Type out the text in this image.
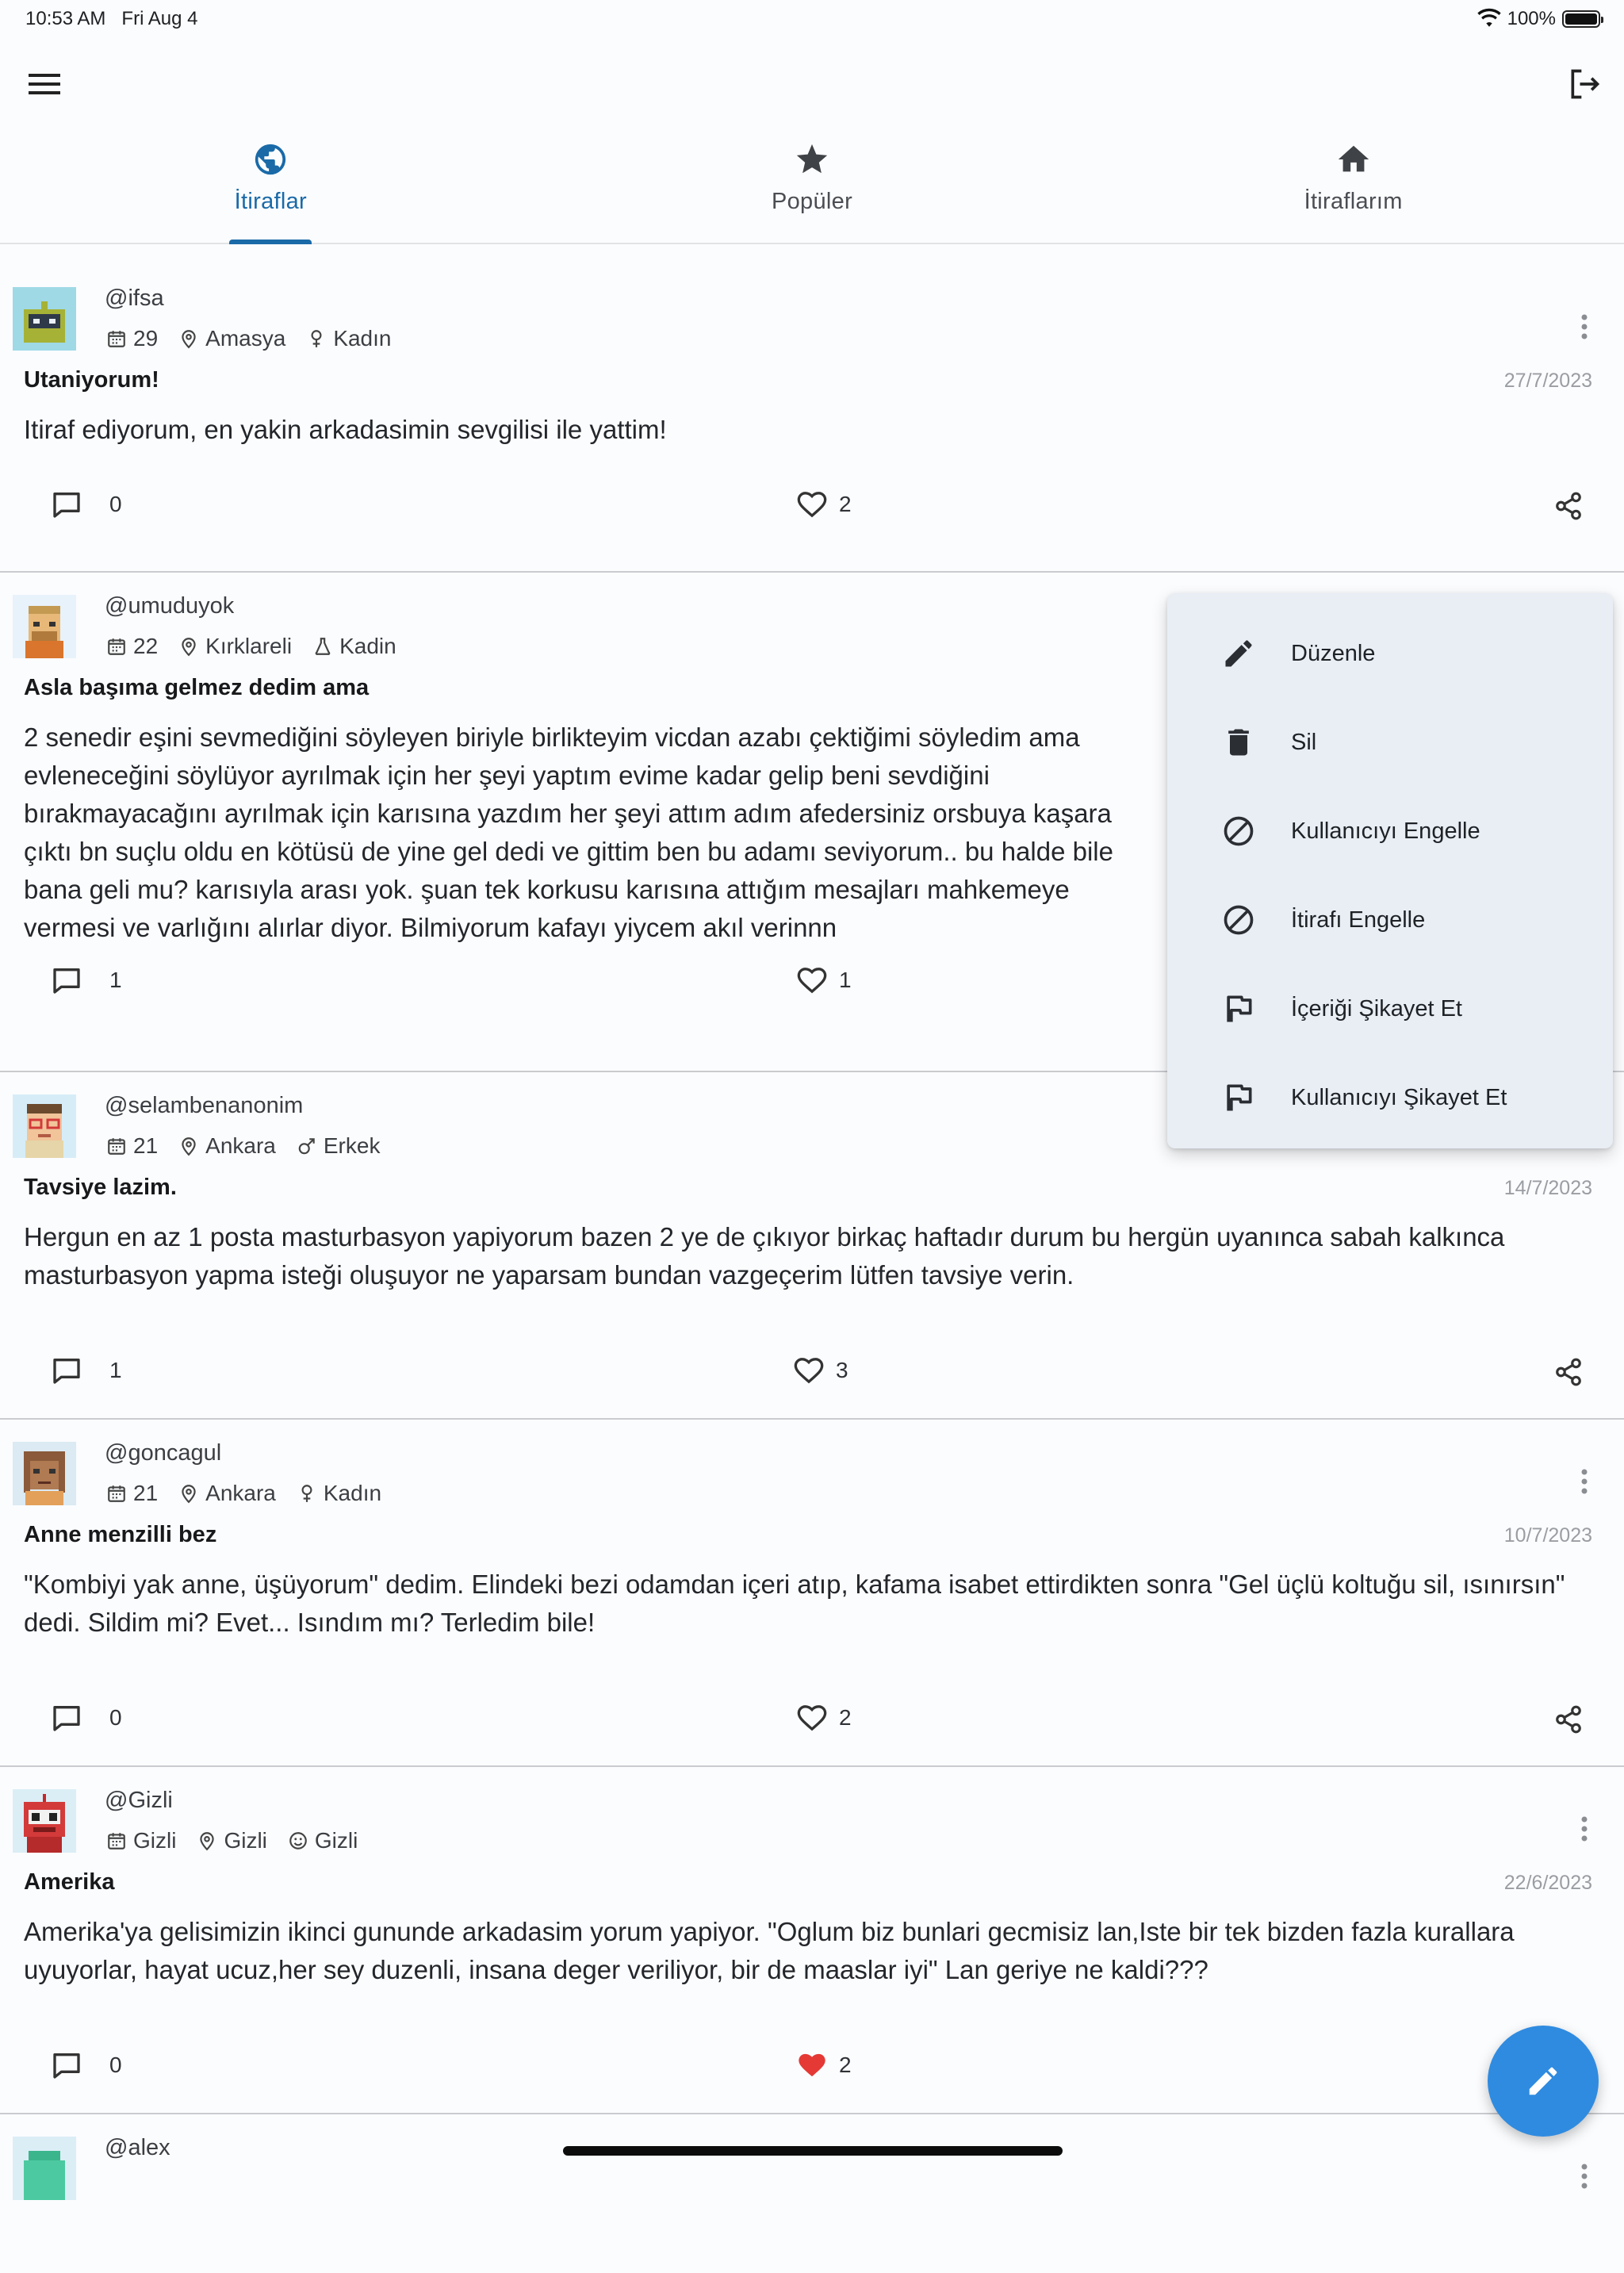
10:53 AM Fri Aug 4	100%
İtiraflar	Popüler	İtiraflarım
@ifsa
29 Amasya Kadın
Utaniyorum!	27/7/2023
Itiraf ediyorum, en yakin arkadasimin sevgilisi ile yattim!
0	2
@umuduyok
22 Kırklareli Kadin
Asla başıma gelmez dedim ama
2 senedir eşini sevmediğini söyleyen biriyle birlikteyim vicdan azabı çektiğimi söyledim ama evleneceğini söylüyor ayrılmak için her şeyi yaptım evime kadar gelip beni sevdiğini bırakmayacağını ayrılmak için karısına yazdım her şeyi attım adım afedersiniz orsbuya kaşara çıktı bn suçlu oldu en kötüsü de yine gel dedi ve gittim ben bu adamı seviyorum.. bu halde bile bana geli mu? karısıyla arası yok. şuan tek korkusu karısına attığım mesajları mahkemeye vermesi ve varlığını alırlar diyor. Bilmiyorum kafayı yiycem akıl verinnn
1	1
@selambenanonim
21 Ankara Erkek
Tavsiye lazim.	14/7/2023
Hergun en az 1 posta masturbasyon yapiyorum bazen 2 ye de çıkıyor birkaç haftadır durum bu hergün uyanınca sabah kalkınca masturbasyon yapma isteği oluşuyor ne yaparsam bundan vazgeçerim lütfen tavsiye verin.
1	3
@goncagul
21 Ankara Kadın
Anne menzilli bez	10/7/2023
"Kombiyi yak anne, üşüyorum" dedim. Elindeki bezi odamdan içeri atıp, kafama isabet ettirdikten sonra "Gel üçlü koltuğu sil, ısınırsın" dedi. Sildim mi? Evet... Isındım mı? Terledim bile!
0	2
@Gizli
Gizli Gizli Gizli
Amerika	22/6/2023
Amerika'ya gelisimizin ikinci gununde arkadasim yorum yapiyor. "Oglum biz bunlari gecmisiz lan,Iste bir tek bizden fazla kurallara uyuyorlar, hayat ucuz,her sey duzenli, insana deger veriliyor, bir de maaslar iyi" Lan geriye ne kaldi???
0	2
@alex
Düzenle
Sil
Kullanıcıyı Engelle
İtirafı Engelle
İçeriği Şikayet Et
Kullanıcıyı Şikayet Et
